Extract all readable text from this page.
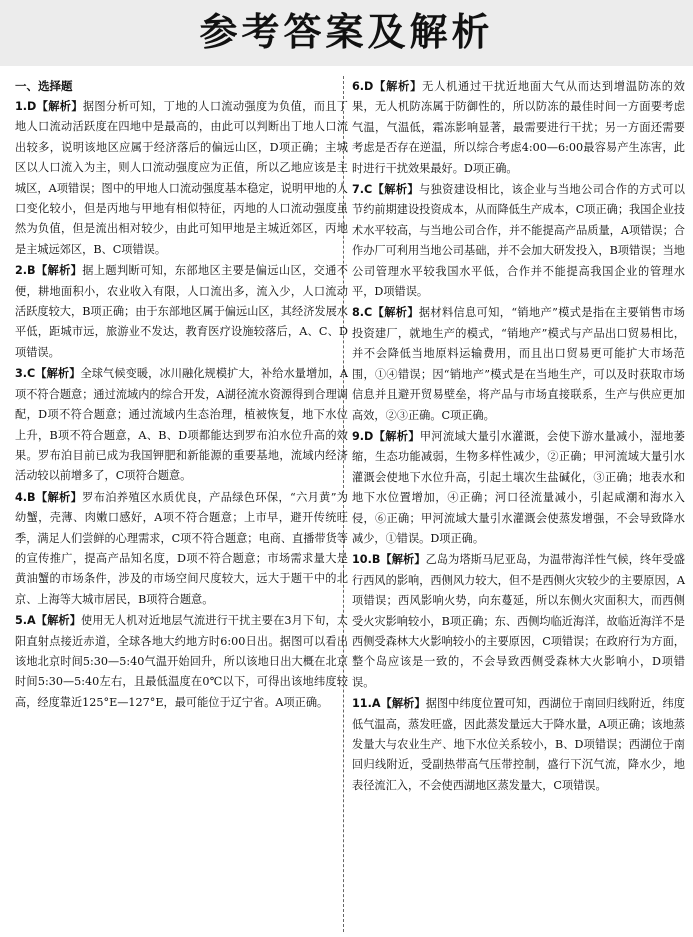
参考答案及解析
一、选择题

1.D【解析】据图分析可知，丁地的人口流动强度为负值，而且丁地人口流动活跃度在四地中是最高的，由此可以判断出丁地人口流出较多，说明该地区应属于经济落后的偏远山区，D项正确；主城区以人口流入为主，则人口流动强度应为正值，所以乙地应该是主城区，A项错误；图中的甲地人口流动强度基本稳定，说明甲地的人口变化较小，但是丙地与甲地有相似特征，丙地的人口流动强度虽然为负值，但是流出相对较少，由此可知甲地是主城近郊区，丙地是主城远郊区，B、C项错误。

2.B【解析】据上题判断可知，东部地区主要是偏远山区，交通不便，耕地面积小，农业收入有限，人口流出多，流入少，人口流动活跃度较大，B项正确；由于东部地区属于偏远山区，其经济发展水平低，距城市远，旅游业不发达，教育医疗设施较落后，A、C、D项错误。

3.C【解析】全球气候变暖，冰川融化规模扩大，补给水量增加，A项不符合题意；通过流域内的综合开发，A湖径流水资源得到合理调配，D项不符合题意；通过流域内生态治理，植被恢复，地下水位上升，B项不符合题意，A、B、D项都能达到罗布泊水位升高的效果。罗布泊目前已成为我国钾肥和新能源的重要基地，流域内经济活动较以前增多了，C项符合题意。

4.B【解析】罗布泊养殖区水质优良，产品绿色环保，“六月黄”为幼蟹，壳薄、肉嫩口感好，A项不符合题意；上市早，避开传统旺季，满足人们尝鲜的心理需求，C项不符合题意；电商、直播带货等的宣传推广，提高产品知名度，D项不符合题意；市场需求量大是黄油蟹的市场条件，涉及的市场空间尺度较大，远大于题干中的北京、上海等大城市居民，B项符合题意。

5.A【解析】使用无人机对近地层气流进行干扰主要在3月下旬，太阳直射点接近赤道，全球各地大约地方时6:00日出。据图可以看出该地北京时间5:30—5:40气温开始回升，所以该地日出大概在北京时间5:30—5:40左右，且最低温度在0℃以下，可得出该地纬度较高，经度靠近125°E—127°E，最可能位于辽宁省。A项正确。

6.D【解析】无人机通过干扰近地面大气从而达到增温防冻的效果，无人机防冻属于防御性的，所以防冻的最佳时间一方面要考虑气温，气温低，霜冻影响显著，最需要进行干扰；另一方面还需要考虑是否存在逆温，所以综合考虑4:00—6:00最容易产生冻害，此时进行干扰效果最好。D项正确。

7.C【解析】与独资建设相比，该企业与当地公司合作的方式可以节约前期建设投资成本，从而降低生产成本，C项正确；我国企业技术水平较高，与当地公司合作，并不能提高产品质量，A项错误；合作办厂可利用当地公司基础，并不会加大研发投入，B项错误；当地公司管理水平较我国水平低，合作并不能提高我国企业的管理水平，D项错误。

8.C【解析】据材料信息可知，“销地产”模式是指在主要销售市场投资建厂，就地生产的模式，“销地产”模式与产品出口贸易相比，并不会降低当地原料运输费用，而且出口贸易更可能扩大市场范围，①④错误；因“销地产”模式是在当地生产，可以及时获取市场信息并且避开贸易壁垒，将产品与市场直接联系，生产与供应更加高效，②③正确。C项正确。

9.D【解析】甲河流域大量引水灌溉，会使下游水量减小，湿地萎缩，生态功能减弱，生物多样性减少，②正确；甲河流域大量引水灌溉会使地下水位升高，引起土壤次生盐碱化，③正确；地表水和地下水位置增加，④正确；河口径流量减小，引起咸潮和海水入侵，⑥正确；甲河流域大量引水灌溉会使蒸发增强，不会导致降水减少，①错误。D项正确。

10.B【解析】乙岛为塔斯马尼亚岛，为温带海洋性气候，终年受盛行西风的影响，西侧风力较大，但不是西侧火灾较少的主要原因，A项错误；西风影响火势，向东蔓延，所以东侧火灾面积大，而西侧受火灾影响较小，B项正确；东、西侧均临近海洋，故临近海洋不是西侧受森林大火影响较小的主要原因，C项错误；在政府行为方面，整个岛应该是一致的，不会导致西侧受森林大火影响小，D项错误。

11.A【解析】据图中纬度位置可知，西湖位于南回归线附近，纬度低气温高，蒸发旺盛，因此蒸发量远大于降水量，A项正确；该地蒸发量大与农业生产、地下水位关系较小，B、D项错误；西湖位于南回归线附近，受副热带高气压带控制，盛行下沉气流，降水少，地表径流汇入，不会使西湖地区蒸发量大，C项错误。
